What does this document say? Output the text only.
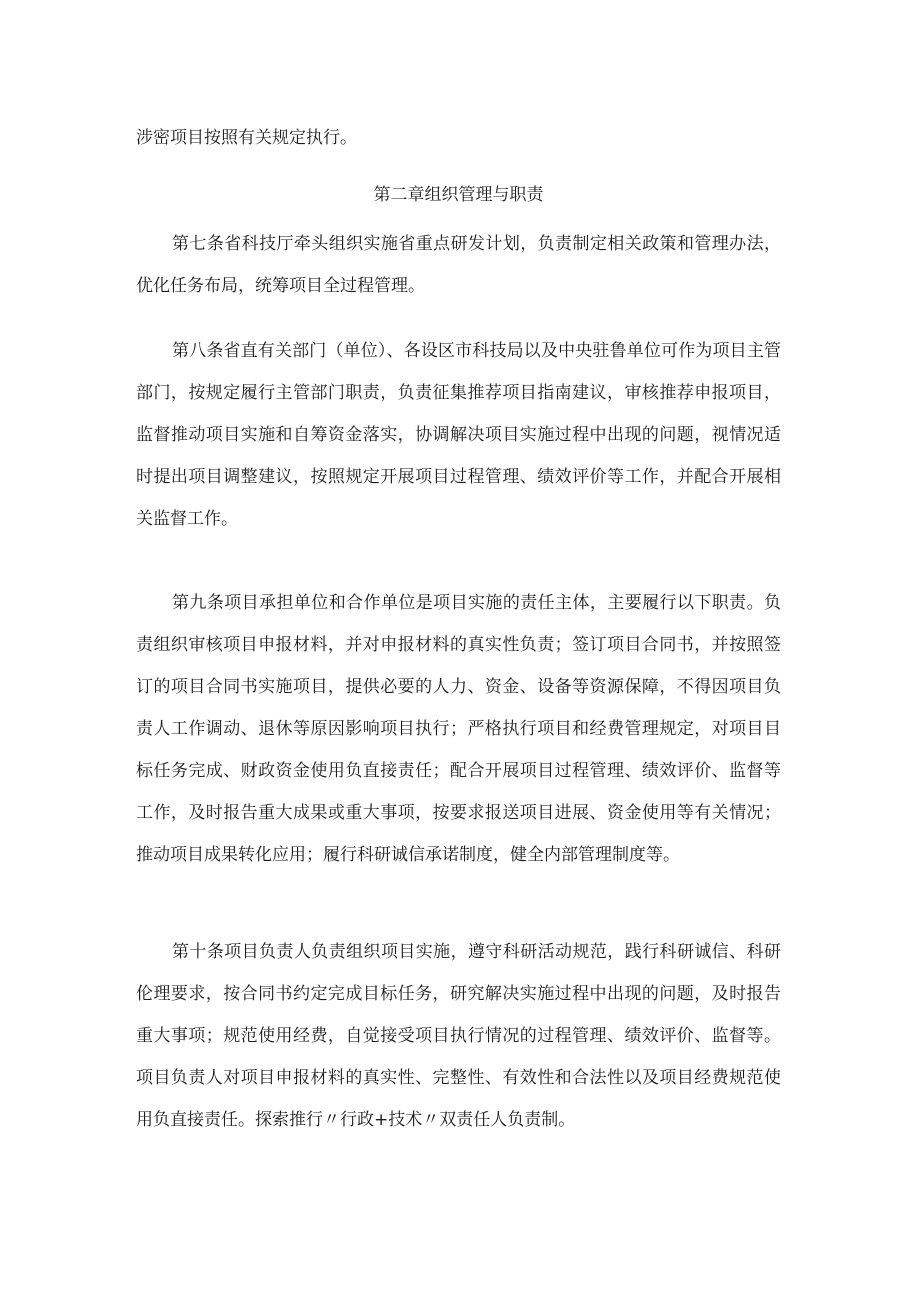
涉密项目按照有关规定执行。

第二章组织管理与职责

第七条省科技厅牵头组织实施省重点研发计划，负责制定相关政策和管理办法，优化任务布局，统筹项目全过程管理。

第八条省直有关部门（单位）、各设区市科技局以及中央驻鲁单位可作为项目主管部门，按规定履行主管部门职责，负责征集推荐项目指南建议，审核推荐申报项目，监督推动项目实施和自筹资金落实，协调解决项目实施过程中出现的问题，视情况适时提出项目调整建议，按照规定开展项目过程管理、绩效评价等工作，并配合开展相关监督工作。

第九条项目承担单位和合作单位是项目实施的责任主体，主要履行以下职责。负责组织审核项目申报材料，并对申报材料的真实性负责；签订项目合同书，并按照签订的项目合同书实施项目，提供必要的人力、资金、设备等资源保障，不得因项目负责人工作调动、退休等原因影响项目执行；严格执行项目和经费管理规定，对项目目标任务完成、财政资金使用负直接责任；配合开展项目过程管理、绩效评价、监督等工作，及时报告重大成果或重大事项，按要求报送项目进展、资金使用等有关情况；推动项目成果转化应用；履行科研诚信承诺制度，健全内部管理制度等。

第十条项目负责人负责组织项目实施，遵守科研活动规范，践行科研诚信、科研伦理要求，按合同书约定完成目标任务，研究解决实施过程中出现的问题，及时报告重大事项；规范使用经费，自觉接受项目执行情况的过程管理、绩效评价、监督等。项目负责人对项目申报材料的真实性、完整性、有效性和合法性以及项目经费规范使用负直接责任。探索推行〃行政+技术〃双责任人负责制。
